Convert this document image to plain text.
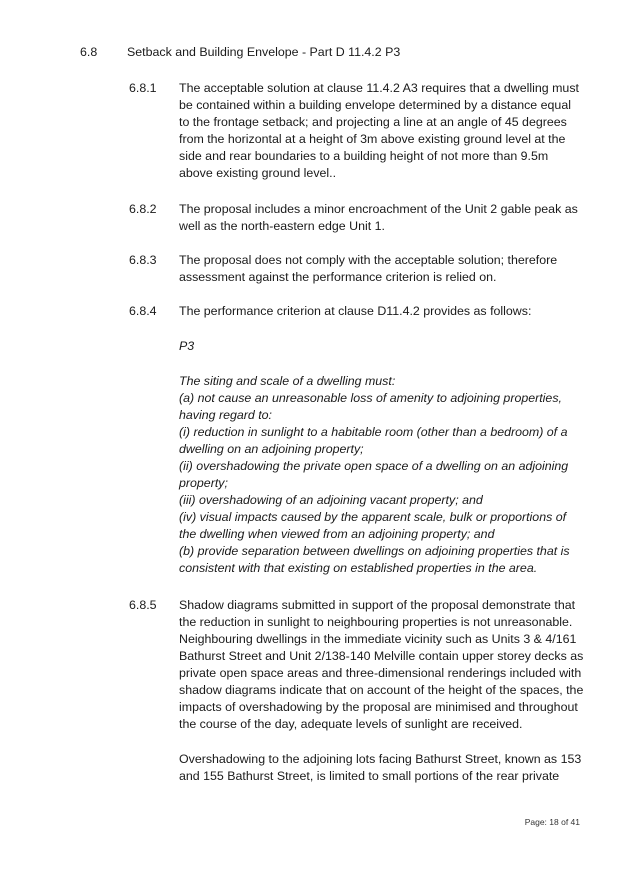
6.8 Setback and Building Envelope - Part D 11.4.2 P3
6.8.1 The acceptable solution at clause 11.4.2 A3 requires that a dwelling must
be contained within a building envelope determined by a distance equal
to the frontage setback; and projecting a line at an angle of 45 degrees
from the horizontal at a height of 3m above existing ground level at the
side and rear boundaries to a building height of not more than 9.5m
above existing ground level..
6.8.2 The proposal includes a minor encroachment of the Unit 2 gable peak as
well as the north-eastern edge Unit 1.
6.8.3 The proposal does not comply with the acceptable solution; therefore
assessment against the performance criterion is relied on.
6.8.4 The performance criterion at clause D11.4.2 provides as follows:
P3
The siting and scale of a dwelling must:
(a) not cause an unreasonable loss of amenity to adjoining properties,
having regard to:
(i) reduction in sunlight to a habitable room (other than a bedroom) of a
dwelling on an adjoining property;
(ii) overshadowing the private open space of a dwelling on an adjoining
property;
(iii) overshadowing of an adjoining vacant property; and
(iv) visual impacts caused by the apparent scale, bulk or proportions of
the dwelling when viewed from an adjoining property; and
(b) provide separation between dwellings on adjoining properties that is
consistent with that existing on established properties in the area.
6.8.5 Shadow diagrams submitted in support of the proposal demonstrate that
the reduction in sunlight to neighbouring properties is not unreasonable.
Neighbouring dwellings in the immediate vicinity such as Units 3 & 4/161
Bathurst Street and Unit 2/138-140 Melville contain upper storey decks as
private open space areas and three-dimensional renderings included with
shadow diagrams indicate that on account of the height of the spaces, the
impacts of overshadowing by the proposal are minimised and throughout
the course of the day, adequate levels of sunlight are received.
Overshadowing to the adjoining lots facing Bathurst Street, known as 153
and 155 Bathurst Street, is limited to small portions of the rear private
Page: 18 of 41
